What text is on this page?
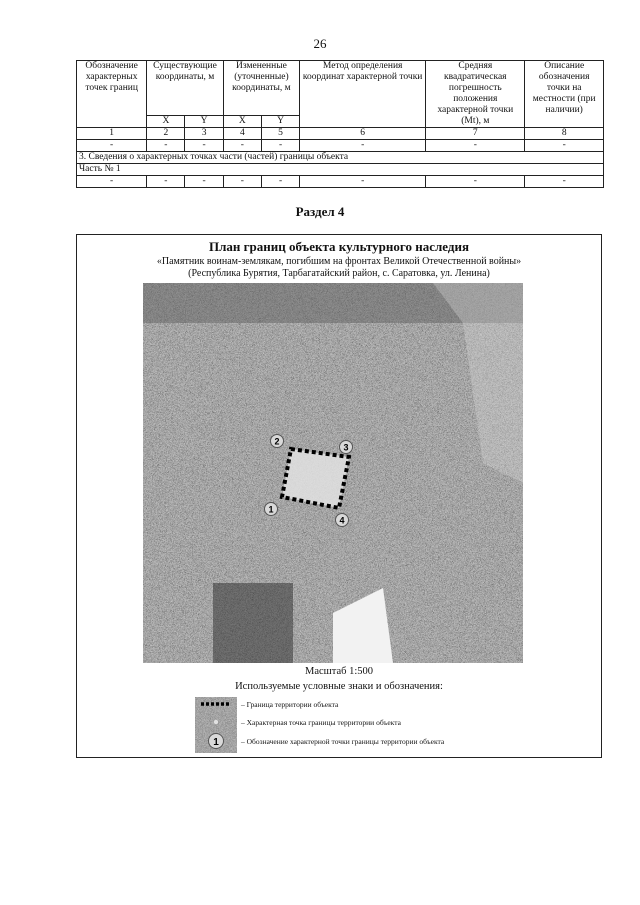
26
Обозначение характерных точек границ	Существующие координаты, м		Измененные (уточненные) координаты, м		Метод определения координат характерной точки	Средняя квадратическая погрешность положения характерной точки (Mt), м	Описание обозначения точки на местности (при наличии)
	X	Y	X	Y			
1	2	3	4	5	6	7	8
-	-	-	-	-	-	-	-
3. Сведения о характерных точках части (частей) границы объекта							
Часть № 1							
-	-	-	-	-	-	-	-
Раздел 4
План границ объекта культурного наследия
«Памятник воинам-землякам, погибшим на фронтах Великой Отечественной войны»
(Республика Бурятия, Тарбагатайский район, с. Саратовка, ул. Ленина)
1
2
3
4
Масштаб 1:500
Используемые условные знаки и обозначения:
1
– Граница территории объекта
– Характерная точка границы территории объекта
– Обозначение характерной точки границы территории объекта
